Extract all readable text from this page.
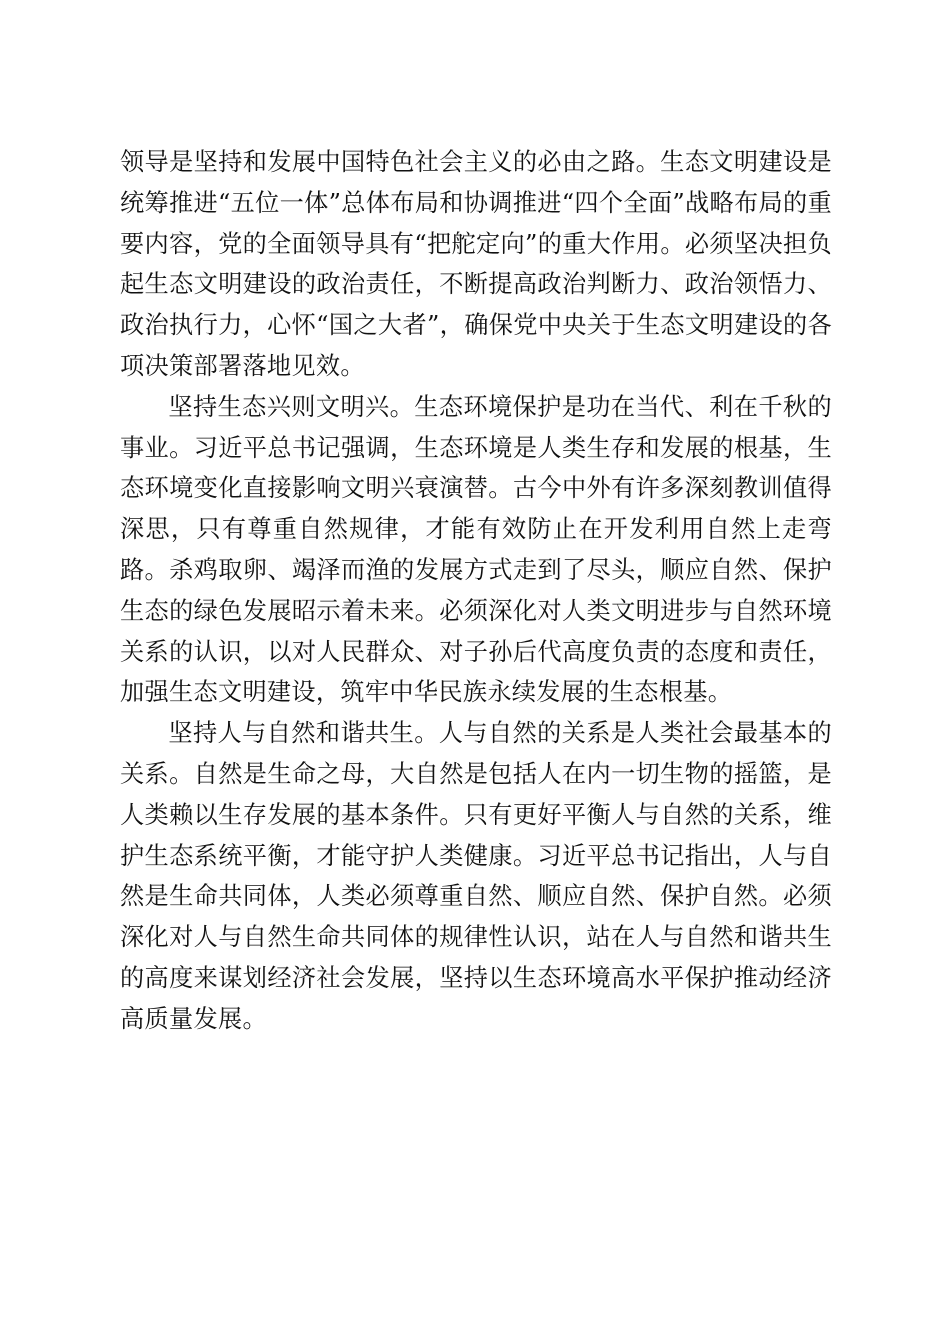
领导是坚持和发展中国特色社会主义的必由之路。生态文明建设是统筹推进“五位一体”总体布局和协调推进“四个全面”战略布局的重要内容，党的全面领导具有“把舵定向”的重大作用。必须坚决担负起生态文明建设的政治责任，不断提高政治判断力、政治领悟力、政治执行力，心怀“国之大者”，确保党中央关于生态文明建设的各项决策部署落地见效。

坚持生态兴则文明兴。生态环境保护是功在当代、利在千秋的事业。习近平总书记强调，生态环境是人类生存和发展的根基，生态环境变化直接影响文明兴衰演替。古今中外有许多深刻教训值得深思，只有尊重自然规律，才能有效防止在开发利用自然上走弯路。杀鸡取卵、竭泽而渔的发展方式走到了尽头，顺应自然、保护生态的绿色发展昭示着未来。必须深化对人类文明进步与自然环境关系的认识，以对人民群众、对子孙后代高度负责的态度和责任，加强生态文明建设，筑牢中华民族永续发展的生态根基。

坚持人与自然和谐共生。人与自然的关系是人类社会最基本的关系。自然是生命之母，大自然是包括人在内一切生物的摇篮，是人类赖以生存发展的基本条件。只有更好平衡人与自然的关系，维护生态系统平衡，才能守护人类健康。习近平总书记指出，人与自然是生命共同体，人类必须尊重自然、顺应自然、保护自然。必须深化对人与自然生命共同体的规律性认识，站在人与自然和谐共生的高度来谋划经济社会发展，坚持以生态环境高水平保护推动经济高质量发展。
